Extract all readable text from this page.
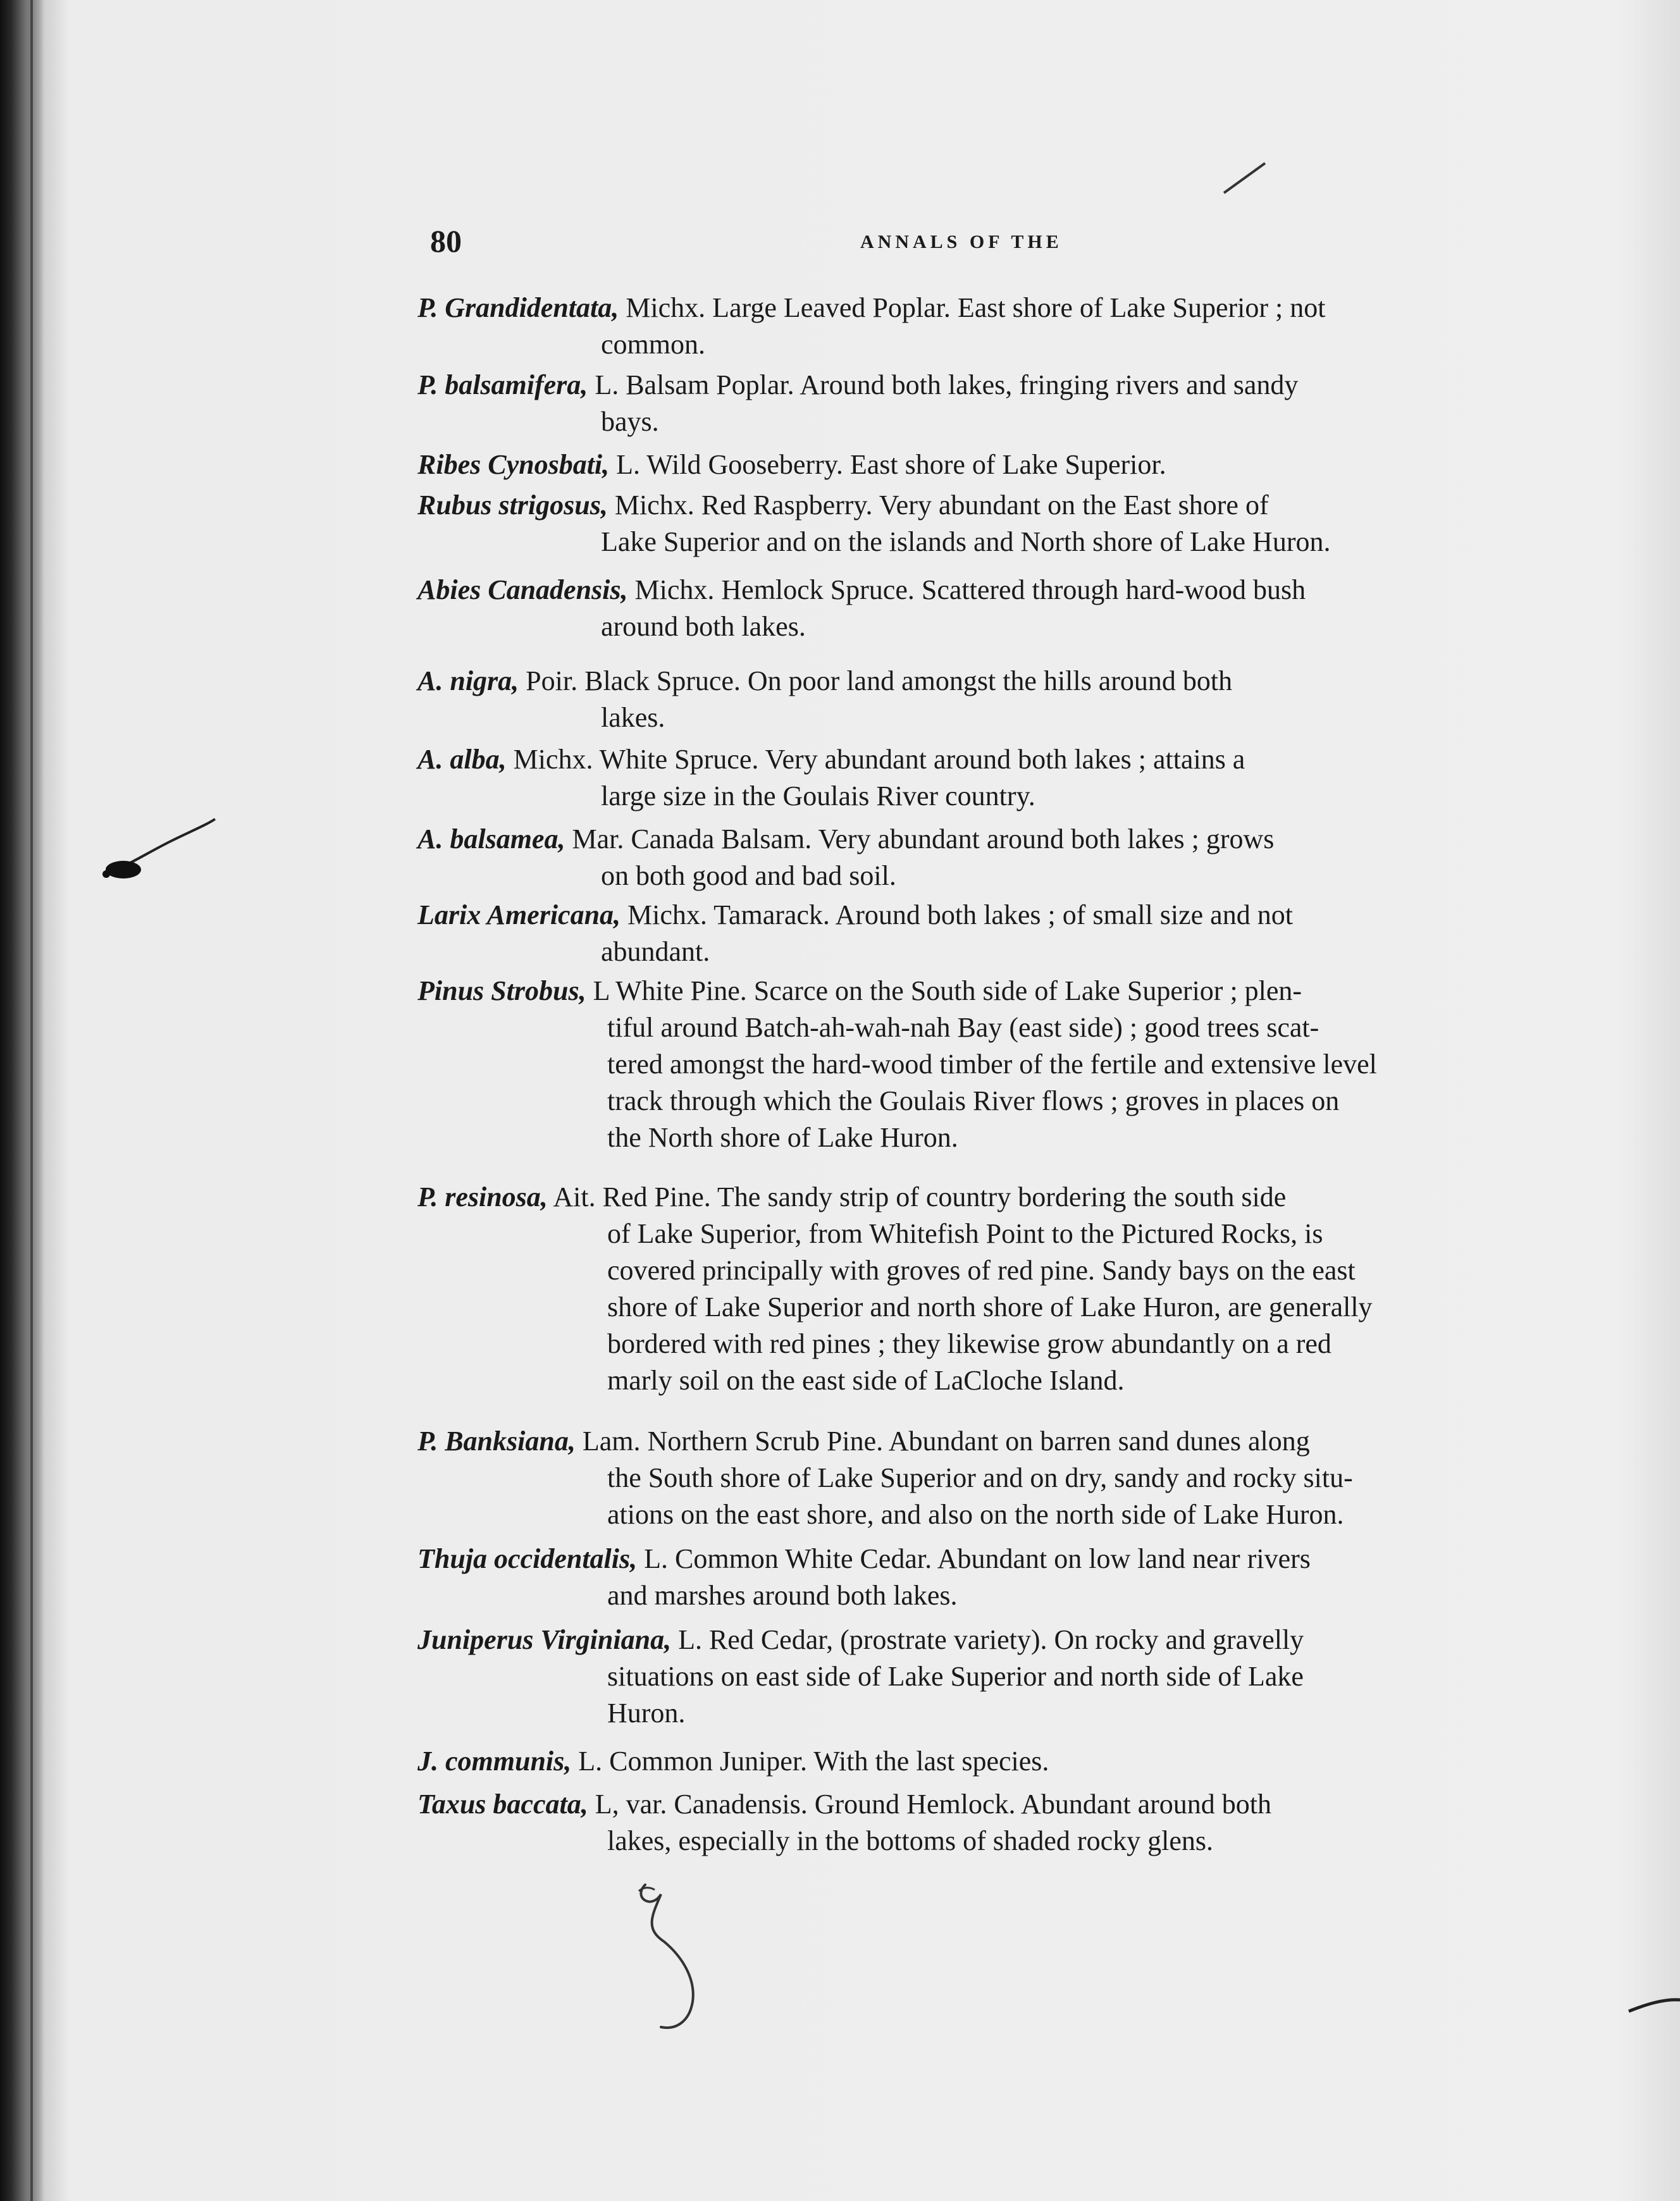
80	ANNALS OF THE
P. Grandidentata, Michx. Large Leaved Poplar. East shore of Lake Superior ; not
common.
P. balsamifera, L. Balsam Poplar. Around both lakes, fringing rivers and sandy
bays.
Ribes Cynosbati, L. Wild Gooseberry. East shore of Lake Superior.
Rubus strigosus, Michx. Red Raspberry. Very abundant on the East shore of
Lake Superior and on the islands and North shore of Lake Huron.
Abies Canadensis, Michx. Hemlock Spruce. Scattered through hard-wood bush
around both lakes.
A. nigra, Poir. Black Spruce. On poor land amongst the hills around both
lakes.
A. alba, Michx. White Spruce. Very abundant around both lakes ; attains a
large size in the Goulais River country.
A. balsamea, Mar. Canada Balsam. Very abundant around both lakes ; grows
on both good and bad soil.
Larix Americana, Michx. Tamarack. Around both lakes ; of small size and not
abundant.
Pinus Strobus, L White Pine. Scarce on the South side of Lake Superior ; plen-
tiful around Batch-ah-wah-nah Bay (east side) ; good trees scat-
tered amongst the hard-wood timber of the fertile and extensive level
track through which the Goulais River flows ; groves in places on
the North shore of Lake Huron.
P. resinosa, Ait. Red Pine. The sandy strip of country bordering the south side
of Lake Superior, from Whitefish Point to the Pictured Rocks, is
covered principally with groves of red pine. Sandy bays on the east
shore of Lake Superior and north shore of Lake Huron, are generally
bordered with red pines ; they likewise grow abundantly on a red
marly soil on the east side of LaCloche Island.
P. Banksiana, Lam. Northern Scrub Pine. Abundant on barren sand dunes along
the South shore of Lake Superior and on dry, sandy and rocky situ-
ations on the east shore, and also on the north side of Lake Huron.
Thuja occidentalis, L. Common White Cedar. Abundant on low land near rivers
and marshes around both lakes.
Juniperus Virginiana, L. Red Cedar, (prostrate variety). On rocky and gravelly
situations on east side of Lake Superior and north side of Lake
Huron.
J. communis, L. Common Juniper. With the last species.
Taxus baccata, L, var. Canadensis. Ground Hemlock. Abundant around both
lakes, especially in the bottoms of shaded rocky glens.
